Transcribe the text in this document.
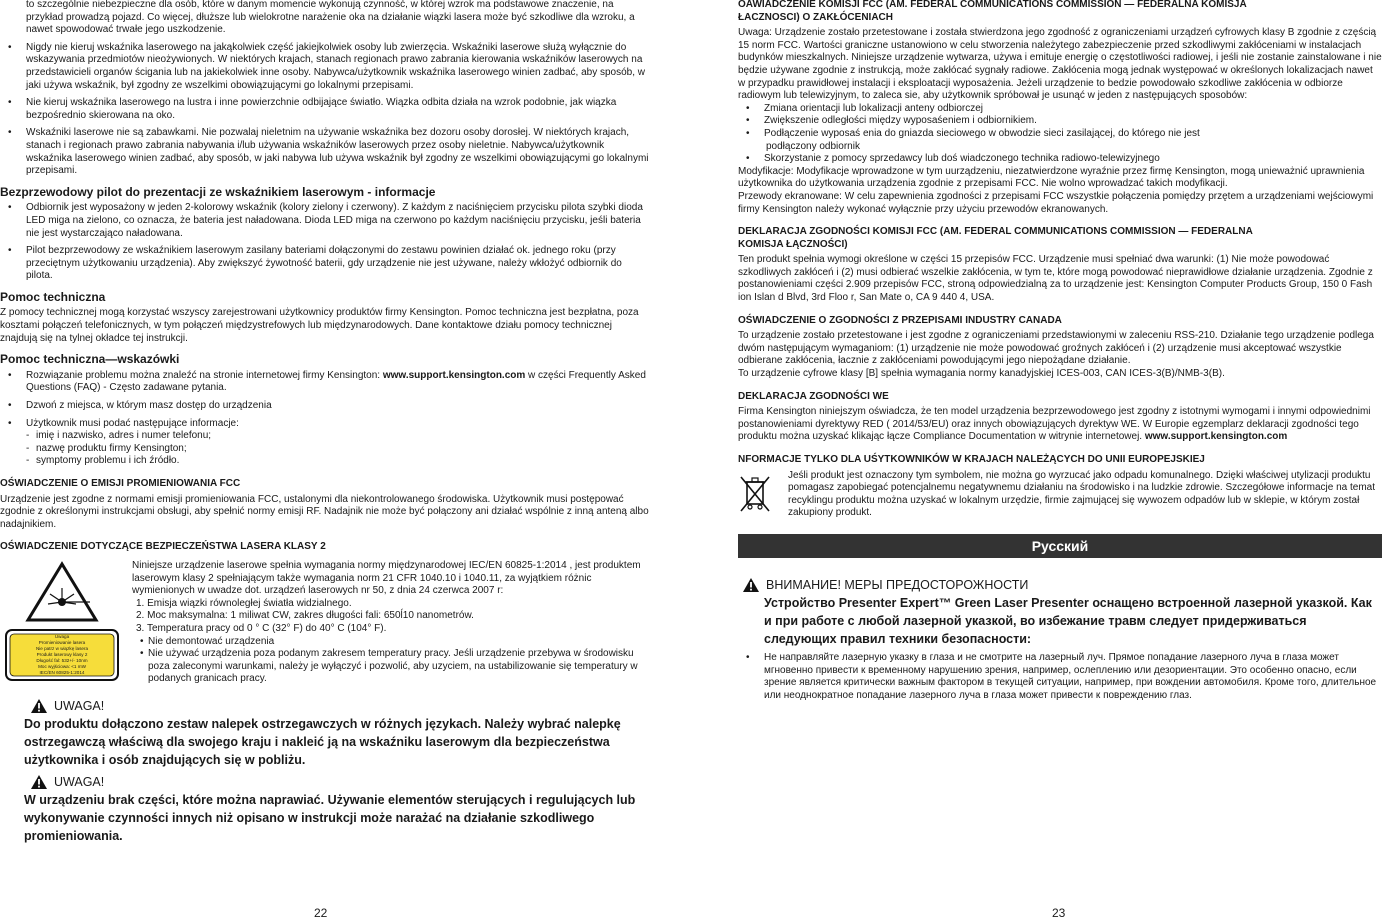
to szczególnie niebezpieczne dla osób, które w danym momencie wykonują czynność, w której wzrok ma podstawowe znaczenie, na przykład prowadzą pojazd. Co więcej, dłuższe lub wielokrotne narażenie oka na działanie wiązki lasera może być szkodliwe dla wzroku, a nawet spowodować trwałe jego uszkodzenie.

• Nigdy nie kieruj wskaźnika laserowego na jakąkolwiek część jakiejkolwiek osoby lub zwierzęcia. Wskaźniki laserowe służą wyłącznie do wskazywania przedmiotów nieożywionych. W niektórych krajach, stanach regionach prawo zabrania kierowania wskaźników laserowych na przedstawicieli organów ścigania lub na jakiekolwiek inne osoby. Nabywca/użytkownik wskaźnika laserowego winien zadbać, aby sposób, w jaki używa wskaźnik, był zgodny ze wszelkimi obowiązującymi go lokalnymi przepisami.

• Nie kieruj wskaźnika laserowego na lustra i inne powierzchnie odbijające światło. Wiązka odbita działa na wzrok podobnie, jak wiązka bezpośrednio skierowana na oko.

• Wskaźniki laserowe nie są zabawkami. Nie pozwalaj nieletnim na używanie wskaźnika bez dozoru osoby dorosłej. W niektórych krajach, stanach i regionach prawo zabrania nabywania i/lub używania wskaźników laserowych przez osoby nieletnie. Nabywca/użytkownik wskaźnika laserowego winien zadbać, aby sposób, w jaki nabywa lub używa wskaźnik był zgodny ze wszelkimi obowiązującymi go lokalnymi przepisami.

Bezprzewodowy pilot do prezentacji ze wskaźnikiem laserowym - informacje

• Odbiornik jest wyposażony w jeden 2-kolorowy wskaźnik (kolory zielony i czerwony). Z każdym z naciśnięciem przycisku pilota szybki dioda LED miga na zielono, co oznacza, że bateria jest naładowana. Dioda LED miga na czerwono po każdym naciśnięciu przycisku, jeśli bateria nie jest wystarczająco naładowana.

• Pilot bezprzewodowy ze wskaźnikiem laserowym zasilany bateriami dołączonymi do zestawu powinien działać ok. jednego roku (przy przeciętnym użytkowaniu urządzenia). Aby zwiększyć żywotność baterii, gdy urządzenie nie jest używane, należy wkłożyć odbiornik do pilota.

Pomoc techniczna

Z pomocy technicznej mogą korzystać wszyscy zarejestrowani użytkownicy produktów firmy Kensington. Pomoc techniczna jest bezpłatna, poza kosztami połączeń telefonicznych, w tym połączeń międzystrefowych lub międzynarodowych. Dane kontaktowe działu pomocy technicznej znajdują się na tylnej okładce tej instrukcji.

Pomoc techniczna—wskazówki

• Rozwiązanie problemu można znaleźć na stronie internetowej firmy Kensington: www.support.kensington.com w części Frequently Asked Questions (FAQ) - Często zadawane pytania.

• Dzwoń z miejsca, w którym masz dostęp do urządzenia

• Użytkownik musi podać następujące informacje:

- imię i nazwisko, adres i numer telefonu;

- nazwę produktu firmy Kensington;

- symptomy problemu i ich źródło.

OŚWIADCZENIE O EMISJI PROMIENIOWANIA FCC

Urządzenie jest zgodne z normami emisji promieniowania FCC, ustalonymi dla niekontrolowanego środowiska. Użytkownik musi postępować zgodnie z określonymi instrukcjami obsługi, aby spełnić normy emisji RF. Nadajnik nie może być połączony ani działać wspólnie z inną anteną albo nadajnikiem.

OŚWIADCZENIE DOTYCZĄCE BEZPIECZEŃSTWA LASERA KLASY 2
Uwaga
Promieniowanie lasera
Nie patrz w wiązkę lasera
Produkt laserowy klasy 2
Długość fal: 532+/- 10nm
Moc wyjściowa: <1 mW
IEC/EN 60825-1:2014

Niniejsze urządzenie laserowe spełnia wymagania normy międzynarodowej IEC/EN 60825-1:2014 , jest produktem laserowym klasy 2 spełniającym także wymagania norm 21 CFR 1040.10 i 1040.11, za wyjątkiem różnic wymienionych w uwadze dot. urządzeń laserowych nr 50, z dnia 24 czerwca 2007 r:

1. Emisja wiązki równoległej światła widzialnego.

2. Moc maksymalna: 1 miliwat CW, zakres długości fali: 650ĺ10 nanometrów.

3. Temperatura pracy od 0 ° C (32° F) do 40° C (104° F).

• Nie demontować urządzenia

• Nie używać urządzenia poza podanym zakresem temperatury pracy. Jeśli urządzenie przebywa w środowisku poza zaleconymi warunkami, należy je wyłączyć i pozwolić, aby uzyciem, na ustabilizowanie się temperatury w podanych granicach pracy.

UWAGA!
Do produktu dołączono zestaw nalepek ostrzegawczych w różnych językach. Należy wybrać nalepkę ostrzegawczą właściwą dla swojego kraju i nakleić ją na wskaźniku laserowym dla bezpieczeństwa użytkownika i osób znajdujących się w pobliżu.
UWAGA!
W urządzeniu brak części, które można naprawiać. Używanie elementów sterujących i regulujących lub wykonywanie czynności innych niż opisano w instrukcji może narażać na działanie szkodliwego promieniowania.
22
OAWIADCZENIE KOMISJI FCC (AM. FEDERAL COMMUNICATIONS COMMISSION — FEDERALNA KOMISJA
ŁACZNOSCI) O ZAKŁÓCENIACH

Uwaga: Urządzenie zostało przetestowane i została stwierdzona jego zgodność z ograniczeniami urządzeń cyfrowych klasy B zgodnie z częścią 15 norm FCC. Wartości graniczne ustanowiono w celu stworzenia należytego zabezpieczenie przed szkodliwymi zakłóceniami w instalacjach budynków mieszkalnych. Niniejsze urządzenie wytwarza, używa i emituje energię o częstotliwości radiowej, i jeśli nie zostanie zainstalowane i nie będzie używane zgodnie z instrukcją, może zakłócać sygnały radiowe. Zakłócenia mogą jednak występować w określonych lokalizacjach nawet w przypadku prawidłowej instalacji i eksploatacji wyposażenia. Jeżeli urządzenie to bedzie powodowało szkodliwe zakłócenia w odbiorze radiowym lub telewizyjnym, to zaleca sie, aby użytkownik spróbował je usunąć w jeden z następujących sposobów:

• Zmiana orientacji lub lokalizacji anteny odbiorczej

• Zwiększenie odległości między wyposaśeniem i odbiornikiem.

• Podłączenie wyposaś enia do gniazda sieciowego w obwodzie sieci zasilającej, do którego nie jest

podłączony odbiornik

• Skorzystanie z pomocy sprzedawcy lub doś wiadczonego technika radiowo-telewizyjnego

Modyfikacje: Modyfikacje wprowadzone w tym uurządzeniu, niezatwierdzone wyraźnie przez firmę Kensington, mogą unieważnić uprawnienia użytkownika do użytkowania urządzenia zgodnie z przepisami FCC. Nie wolno wprowadzać takich modyfikacji.

Przewody ekranowane: W celu zapewnienia zgodności z przepisami FCC wszystkie połączenia pomiędzy przętem a urządzeniami wejściowymi firmy Kensington należy wykonać wyłącznie przy użyciu przewodów ekranowanych.

DEKLARACJA ZGODNOŚCI KOMISJI FCC (AM. FEDERAL COMMUNICATIONS COMMISSION — FEDERALNA
KOMISJA ŁĄCZNOŚCI)

Ten produkt spełnia wymogi określone w części 15 przepisów FCC. Urządzenie musi spełniać dwa warunki: (1) Nie może powodować szkodliwych zakłóceń i (2) musi odbierać wszelkie zakłócenia, w tym te, które mogą powodować nieprawidłowe działanie urządzenia. Zgodnie z postanowieniami części 2.909 przepisów FCC, stroną odpowiedzialną za to urządzenie jest: Kensington Computer Products Group, 150 0 Fash ion Islan d Blvd, 3rd Floo r, San Mate o, CA 9 440 4, USA.

OŚWIADCZENIE O ZGODNOŚCI Z PRZEPISAMI INDUSTRY CANADA

To urządzenie zostało przetestowane i jest zgodne z ograniczeniami przedstawionymi w zaleceniu RSS-210. Działanie tego urządzenie podlega dwóm następującym wymaganiom: (1) urządzenie nie może powodować groźnych zakłóceń i (2) urządzenie musi akceptować wszystkie odbierane zakłócenia, łacznie z zakłóceniami powodującymi jego niepożądane działanie.

To urządzenie cyfrowe klasy [B] spełnia wymagania normy kanadyjskiej ICES-003, CAN ICES-3(B)/NMB-3(B).

DEKLARACJA ZGODNOŚCI WE

Firma Kensington niniejszym oświadcza, że ten model urządzenia bezprzewodowego jest zgodny z istotnymi wymogami i innymi odpowiednimi postanowieniami dyrektywy RED ( 2014/53/EU) oraz innych obowiązujących dyrektyw WE. W Europie egzemplarz deklaracji zgodności tego produktu można uzyskać klikając łącze Compliance Documentation w witrynie internetowej. www.support.kensington.com

NFORMACJE TYLKO DLA UŚYTKOWNIKÓW W KRAJACH NALEŻĄCYCH DO UNII EUROPEJSKIEJ

Jeśli produkt jest oznaczony tym symbolem, nie można go wyrzucać jako odpadu komunalnego. Dzięki właściwej utylizacji produktu pomagasz zapobiegać potencjalnemu negatywnemu działaniu na środowisko i na ludzkie zdrowie. Szczegółowe informacje na temat recyklingu produktu można uzyskać w lokalnym urzędzie, firmie zajmującej się wywozem odpadów lub w sklepie, w którym został zakupiony produkt.

Русский
ВНИМАНИЕ! МЕРЫ ПРЕДОСТОРОЖНОСТИ
Устройство Presenter Expert™ Green Laser Presenter оснащено встроенной лазерной указкой. Как и при работе с любой лазерной указкой, во избежание травм следует придерживаться следующих правил техники безопасности:

• Не направляйте лазерную указку в глаза и не смотрите на лазерный луч. Прямое попадание лазерного луча в глаза может мгновенно привести к временному нарушению зрения, например, ослеплению или дезориентации. Это особенно опасно, если зрение является критически важным фактором в текущей ситуации, например, при вождении автомобиля. Кроме того, длительное или неоднократное попадание лазерного луча в глаза может привести к повреждению глаз.

23
